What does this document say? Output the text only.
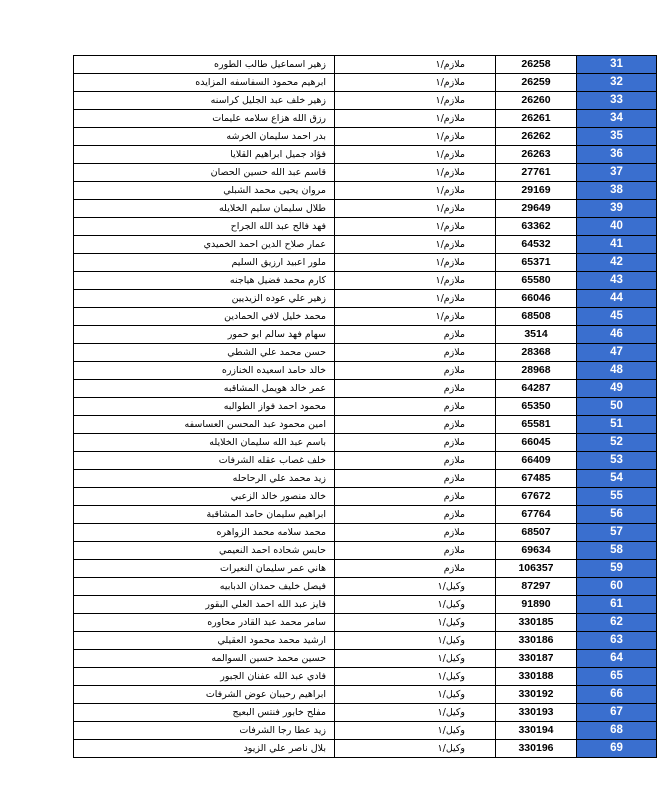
زهير اسماعيل طالب الطوره	ملازم/١	26258	31
ابرهيم محمود السفاسفه المزايده	ملازم/١	26259	32
زهير خلف عبد الجليل كراسنه	ملازم/١	26260	33
رزق الله هزاع سلامه عليمات	ملازم/١	26261	34
بدر احمد سليمان الخرشه	ملازم/١	26262	35
فؤاد جميل ابراهيم القلايا	ملازم/١	26263	36
قاسم عبد الله حسين الحصان	ملازم/١	27761	37
مروان يحيى محمد الشبلي	ملازم/١	29169	38
طلال سليمان سليم الخلايله	ملازم/١	29649	39
فهد فالح عبد الله الجراح	ملازم/١	63362	40
عمار صلاح الدين احمد الخميدي	ملازم/١	64532	41
ملور اعبيد ارزيق السليم	ملازم/١	65371	42
كارم محمد فضيل هياجنه	ملازم/١	65580	43
زهير علي عوده الزيديين	ملازم/١	66046	44
محمد خليل لافي الحمادين	ملازم/١	68508	45
سهام فهد سالم ابو حمور	ملازم	3514	46
حسن محمد علي الشطي	ملازم	28368	47
خالد حامد اسعيده الخنازره	ملازم	28968	48
عمر خالد هويمل المشاقبه	ملازم	64287	49
محمود احمد فواز الطوالبه	ملازم	65350	50
امين محمود عبد المحسن العساسفه	ملازم	65581	51
باسم عبد الله سليمان الخلايله	ملازم	66045	52
خلف غصاب عقله الشرفات	ملازم	66409	53
زيد محمد علي الرحاحله	ملازم	67485	54
خالد منصور خالد الزعبي	ملازم	67672	55
ابراهيم سليمان حامد المشاقبة	ملازم	67764	56
محمد سلامه محمد الزواهره	ملازم	68507	57
حابس شحاده احمد النعيمي	ملازم	69634	58
هاني عمر سليمان النعيرات	ملازم	106357	59
فيصل خليف حمدان الدبابيه	وكيل/١	87297	60
فايز عبد الله احمد العلي البقور	وكيل/١	91890	61
سامر محمد عبد القادر محاوره	وكيل/١	330185	62
ارشيد محمد محمود العقيلي	وكيل/١	330186	63
حسين محمد حسين السوالمه	وكيل/١	330187	64
فادي عبد الله عفنان الجبور	وكيل/١	330188	65
ابراهيم رحيبان عوض الشرفات	وكيل/١	330192	66
مفلح خابور فنتس البعيج	وكيل/١	330193	67
زيد عطا رجا الشرفات	وكيل/١	330194	68
بلال ناصر علي الزيود	وكيل/١	330196	69
